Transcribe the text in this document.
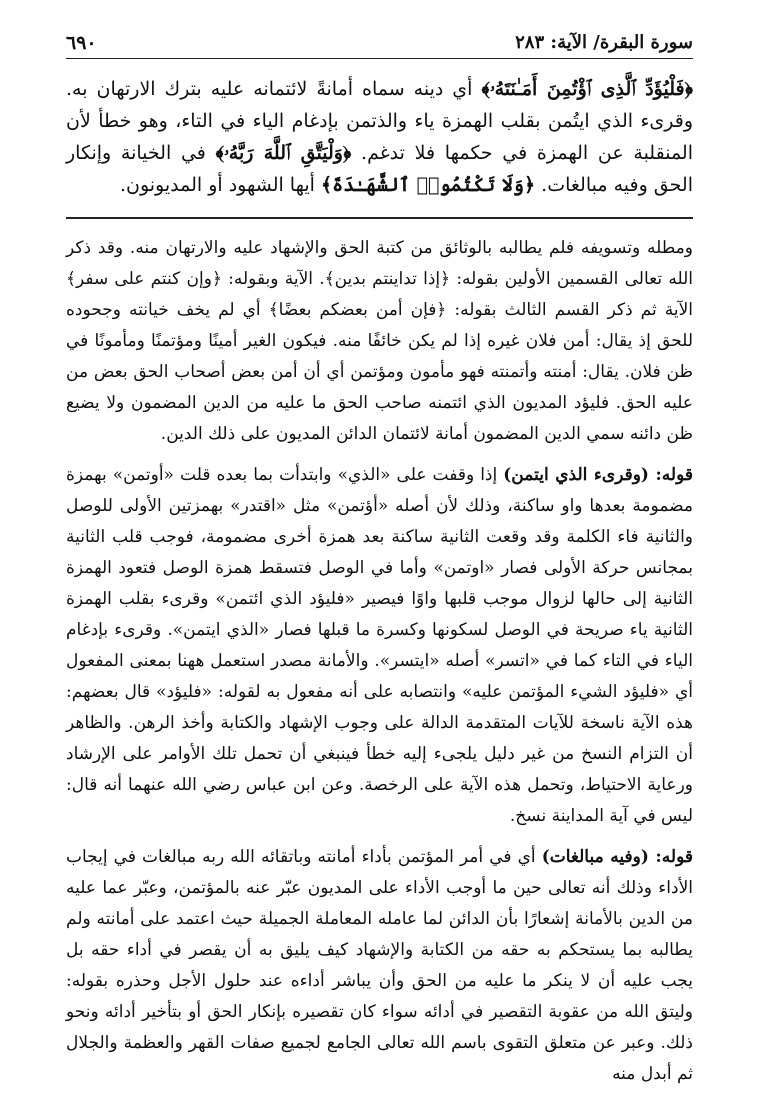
سورة البقرة/ الآية: ٢٨٣
٦٩٠

﴿فَلْيُؤَدِّ ٱلَّذِى ٱؤْتُمِنَ أَمَـٰنَتَهُۥ﴾ أي دينه سماه أمانةً لائتمانه عليه بترك الارتهان به. وقرىء الذي ايتُمن بقلب الهمزة ياء والذتمن بإدغام الياء في التاء، وهو خطأ لأن المنقلبة عن الهمزة في حكمها فلا تدغم. ﴿وَلْيَتَّقِ ٱللَّهَ رَبَّهُۥ﴾ في الخيانة وإنكار الحق وفيه مبالغات. ﴿وَلَا تَكْتُمُوا۟ ٱلشَّهَـٰدَةَ﴾ أيها الشهود أو المديونون.

ومطله وتسويفه فلم يطالبه بالوثائق من كتبة الحق والإشهاد عليه والارتهان منه. وقد ذكر الله تعالى القسمين الأولين بقوله: ﴿إذا تداينتم بدين﴾. الآية وبقوله: ﴿وإن كنتم على سفر﴾ الآية ثم ذكر القسم الثالث بقوله: ﴿فإن أمن بعضكم بعضًا﴾ أي لم يخف خيانته وجحوده للحق إذ يقال: أمن فلان غيره إذا لم يكن خائفًا منه. فيكون الغير أمينًا ومؤتمنًا ومأمونًا في ظن فلان. يقال: أمنته وأتمنته فهو مأمون ومؤتمن أي أن أمن بعض أصحاب الحق بعض من عليه الحق. فليؤد المديون الذي ائتمنه صاحب الحق ما عليه من الدين المضمون ولا يضيع ظن دائنه سمي الدين المضمون أمانة لائتمان الدائن المديون على ذلك الدين.

قوله: (وقرىء الذي ايتمن) إذا وقفت على «الذي» وابتدأت بما بعده قلت «أوتمن» بهمزة مضمومة بعدها واو ساكنة، وذلك لأن أصله «أؤتمن» مثل «اقتدر» بهمزتين الأولى للوصل والثانية فاء الكلمة وقد وقعت الثانية ساكنة بعد همزة أخرى مضمومة، فوجب قلب الثانية بمجانس حركة الأولى فصار «اوتمن» وأما في الوصل فتسقط همزة الوصل فتعود الهمزة الثانية إلى حالها لزوال موجب قلبها واوًا فيصير «فليؤد الذي ائتمن» وقرىء بقلب الهمزة الثانية ياء صريحة في الوصل لسكونها وكسرة ما قبلها فصار «الذي ايتمن». وقرىء بإدغام الياء في التاء كما في «اتسر» أصله «ايتسر». والأمانة مصدر استعمل ههنا بمعنى المفعول أي «فليؤد الشيء المؤتمن عليه» وانتصابه على أنه مفعول به لقوله: «فليؤد» قال بعضهم: هذه الآية ناسخة للآيات المتقدمة الدالة على وجوب الإشهاد والكتابة وأخذ الرهن. والظاهر أن التزام النسخ من غير دليل يلجىء إليه خطأ فينبغي أن تحمل تلك الأوامر على الإرشاد ورعاية الاحتياط، وتحمل هذه الآية على الرخصة. وعن ابن عباس رضي الله عنهما أنه قال: ليس في آية المداينة نسخ.

قوله: (وفيه مبالغات) أي في أمر المؤتمن بأداء أمانته وباتقائه الله ربه مبالغات في إيجاب الأداء وذلك أنه تعالى حين ما أوجب الأداء على المديون عبّر عنه بالمؤتمن، وعبّر عما عليه من الدين بالأمانة إشعارًا بأن الدائن لما عامله المعاملة الجميلة حيث اعتمد على أمانته ولم يطالبه بما يستحكم به حقه من الكتابة والإشهاد كيف يليق به أن يقصر في أداء حقه بل يجب عليه أن لا ينكر ما عليه من الحق وأن يباشر أداءه عند حلول الأجل وحذره بقوله: وليتق الله من عقوبة التقصير في أدائه سواء كان تقصيره بإنكار الحق أو بتأخير أدائه ونحو ذلك. وعبر عن متعلق التقوى باسم الله تعالى الجامع لجميع صفات القهر والعظمة والجلال ثم أبدل منه
